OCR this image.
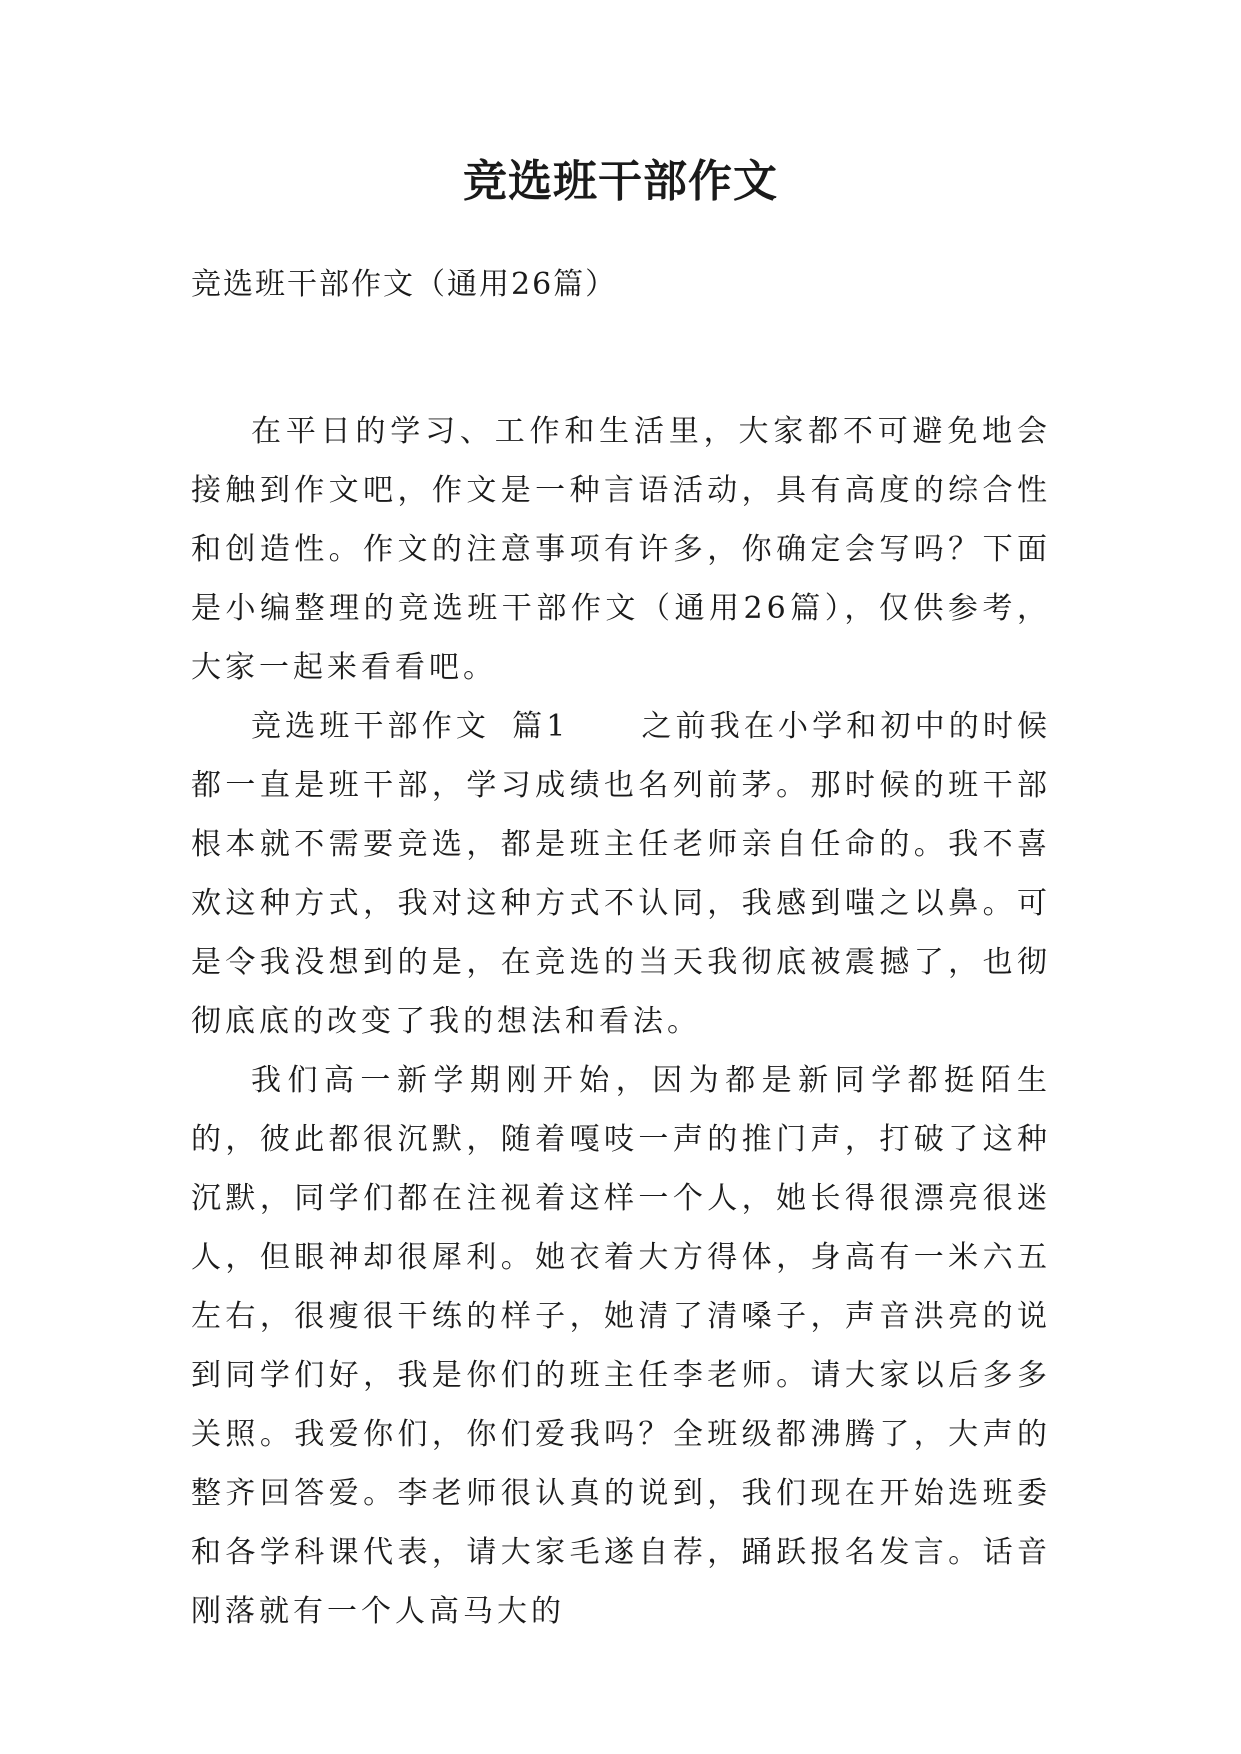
竞选班干部作文

竞选班干部作文（通用26篇）

在平日的学习、工作和生活里，大家都不可避免地会接触到作文吧，作文是一种言语活动，具有高度的综合性和创造性。作文的注意事项有许多，你确定会写吗？下面是小编整理的竞选班干部作文（通用26篇），仅供参考，大家一起来看看吧。

竞选班干部作文 篇1 之前我在小学和初中的时候都一直是班干部，学习成绩也名列前茅。那时候的班干部根本就不需要竞选，都是班主任老师亲自任命的。我不喜欢这种方式，我对这种方式不认同，我感到嗤之以鼻。可是令我没想到的是，在竞选的当天我彻底被震撼了，也彻彻底底的改变了我的想法和看法。

我们高一新学期刚开始，因为都是新同学都挺陌生的，彼此都很沉默，随着嘎吱一声的推门声，打破了这种沉默，同学们都在注视着这样一个人，她长得很漂亮很迷人，但眼神却很犀利。她衣着大方得体，身高有一米六五左右，很瘦很干练的样子，她清了清嗓子，声音洪亮的说到同学们好，我是你们的班主任李老师。请大家以后多多关照。我爱你们，你们爱我吗？全班级都沸腾了，大声的整齐回答爱。李老师很认真的说到，我们现在开始选班委和各学科课代表，请大家毛遂自荐，踊跃报名发言。话音刚落就有一个人高马大的
